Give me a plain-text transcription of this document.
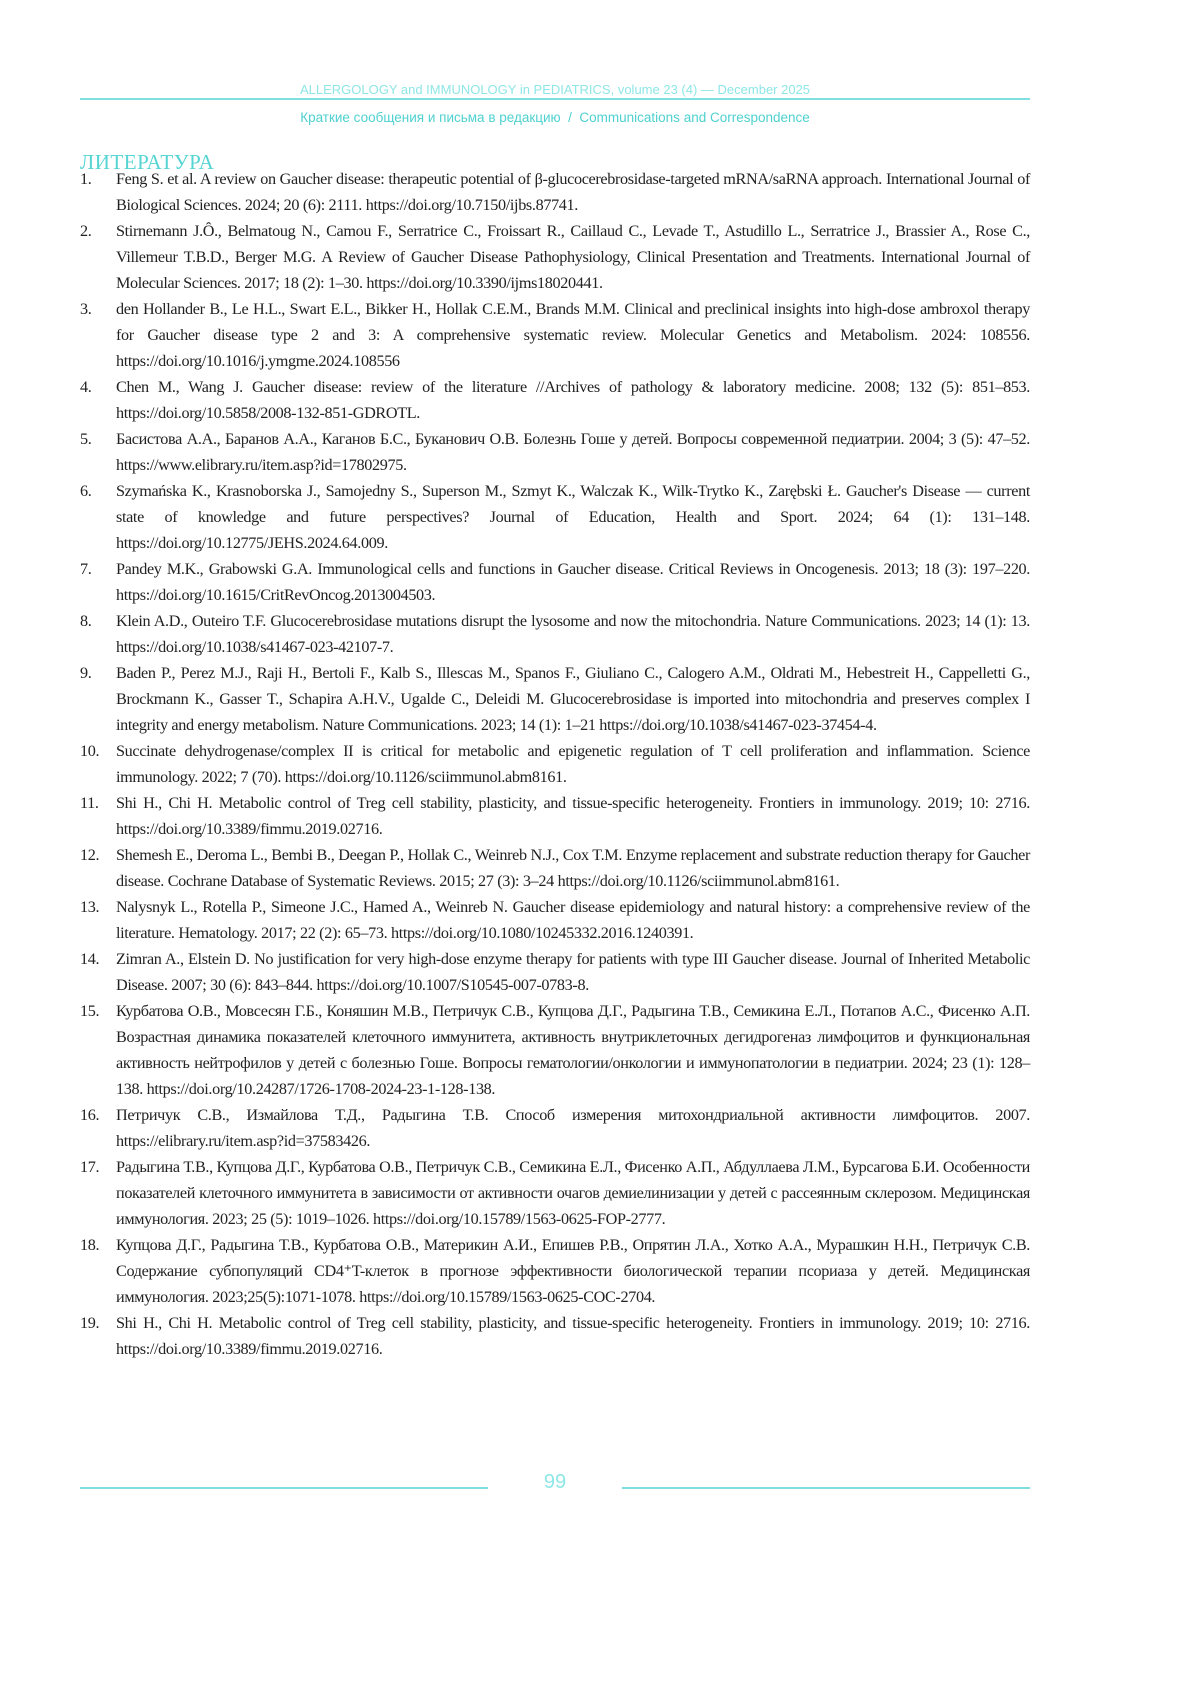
ALLERGOLOGY and IMMUNOLOGY in PEDIATRICS, volume 23 (4) — December 2025
Краткие сообщения и письма в редакцию  /  Communications and Correspondence
ЛИТЕРАТУРА
1.	Feng S. et al. A review on Gaucher disease: therapeutic potential of β-glucocerebrosidase-targeted mRNA/saRNA approach. International Journal of Biological Sciences. 2024; 20 (6): 2111. https://doi.org/10.7150/ijbs.87741.
2.	Stirnemann J.Ô., Belmatoug N., Camou F., Serratrice C., Froissart R., Caillaud C., Levade T., Astudillo L., Serratrice J., Brassier A., Rose C., Villemeur T.B.D., Berger M.G. A Review of Gaucher Disease Pathophysiology, Clinical Presentation and Treatments. International Journal of Molecular Sciences. 2017; 18 (2): 1–30. https://doi.org/10.3390/ijms18020441.
3.	den Hollander B., Le H.L., Swart E.L., Bikker H., Hollak C.E.M., Brands M.M. Clinical and preclinical insights into high-dose ambroxol therapy for Gaucher disease type 2 and 3: A comprehensive systematic review. Molecular Genetics and Metabolism. 2024: 108556. https://doi.org/10.1016/j.ymgme.2024.108556
4.	Chen M., Wang J. Gaucher disease: review of the literature //Archives of pathology & laboratory medicine. 2008; 132 (5): 851–853. https://doi.org/10.5858/2008-132-851-GDROTL.
5.	Басистова А.А., Баранов А.А., Каганов Б.С., Буканович О.В. Болезнь Гоше у детей. Вопросы современной педиатрии. 2004; 3 (5): 47–52. https://www.elibrary.ru/item.asp?id=17802975.
6.	Szymańska K., Krasnoborska J., Samojedny S., Superson M., Szmyt K., Walczak K., Wilk-Trytko K., Zarębski Ł. Gaucher's Disease — current state of knowledge and future perspectives? Journal of Education, Health and Sport. 2024; 64 (1): 131–148. https://doi.org/10.12775/JEHS.2024.64.009.
7.	Pandey M.K., Grabowski G.A. Immunological cells and functions in Gaucher disease. Critical Reviews in Oncogenesis. 2013; 18 (3): 197–220. https://doi.org/10.1615/CritRevOncog.2013004503.
8.	Klein A.D., Outeiro T.F. Glucocerebrosidase mutations disrupt the lysosome and now the mitochondria. Nature Communications. 2023; 14 (1): 13. https://doi.org/10.1038/s41467-023-42107-7.
9.	Baden P., Perez M.J., Raji H., Bertoli F., Kalb S., Illescas M., Spanos F., Giuliano C., Calogero A.M., Oldrati M., Hebestreit H., Cappelletti G., Brockmann K., Gasser T., Schapira A.H.V., Ugalde C., Deleidi M. Glucocerebrosidase is imported into mitochondria and preserves complex I integrity and energy metabolism. Nature Communications. 2023; 14 (1): 1–21 https://doi.org/10.1038/s41467-023-37454-4.
10.	Succinate dehydrogenase/complex II is critical for metabolic and epigenetic regulation of T cell proliferation and inflammation. Science immunology. 2022; 7 (70). https://doi.org/10.1126/sciimmunol.abm8161.
11.	Shi H., Chi H. Metabolic control of Treg cell stability, plasticity, and tissue-specific heterogeneity. Frontiers in immunology. 2019; 10: 2716. https://doi.org/10.3389/fimmu.2019.02716.
12.	Shemesh E., Deroma L., Bembi B., Deegan P., Hollak C., Weinreb N.J., Cox T.M. Enzyme replacement and substrate reduction therapy for Gaucher disease. Cochrane Database of Systematic Reviews. 2015; 27 (3): 3–24 https://doi.org/10.1126/sciimmunol.abm8161.
13.	Nalysnyk L., Rotella P., Simeone J.C., Hamed A., Weinreb N. Gaucher disease epidemiology and natural history: a comprehensive review of the literature. Hematology. 2017; 22 (2): 65–73. https://doi.org/10.1080/10245332.2016.1240391.
14.	Zimran A., Elstein D. No justification for very high-dose enzyme therapy for patients with type III Gaucher disease. Journal of Inherited Metabolic Disease. 2007; 30 (6): 843–844. https://doi.org/10.1007/S10545-007-0783-8.
15.	Курбатова О.В., Мовсесян Г.Б., Коняшин М.В., Петричук С.В., Купцова Д.Г., Радыгина Т.В., Семикина Е.Л., Потапов А.С., Фисенко А.П. Возрастная динамика показателей клеточного иммунитета, активность внутриклеточных дегидрогеназ лимфоцитов и функциональная активность нейтрофилов у детей с болезнью Гоше. Вопросы гематологии/онкологии и иммунопатологии в педиатрии. 2024; 23 (1): 128–138. https://doi.org/10.24287/1726-1708-2024-23-1-128-138.
16.	Петричук С.В., Измайлова Т.Д., Радыгина Т.В. Способ измерения митохондриальной активности лимфоцитов. 2007. https://elibrary.ru/item.asp?id=37583426.
17.	Радыгина Т.В., Купцова Д.Г., Курбатова О.В., Петричук С.В., Семикина Е.Л., Фисенко А.П., Абдуллаева Л.М., Бурсагова Б.И. Особенности показателей клеточного иммунитета в зависимости от активности очагов демиелинизации у детей с рассеянным склерозом. Медицинская иммунология. 2023; 25 (5): 1019–1026. https://doi.org/10.15789/1563-0625-FOP-2777.
18.	Купцова Д.Г., Радыгина Т.В., Курбатова О.В., Материкин А.И., Епишев Р.В., Опрятин Л.А., Хотко А.А., Мурашкин Н.Н., Петричук С.В. Содержание субпопуляций CD4⁺T-клеток в прогнозе эффективности биологической терапии псориаза у детей. Медицинская иммунология. 2023;25(5):1071-1078. https://doi.org/10.15789/1563-0625-COC-2704.
19.	Shi H., Chi H. Metabolic control of Treg cell stability, plasticity, and tissue-specific heterogeneity. Frontiers in immunology. 2019; 10: 2716. https://doi.org/10.3389/fimmu.2019.02716.
99
